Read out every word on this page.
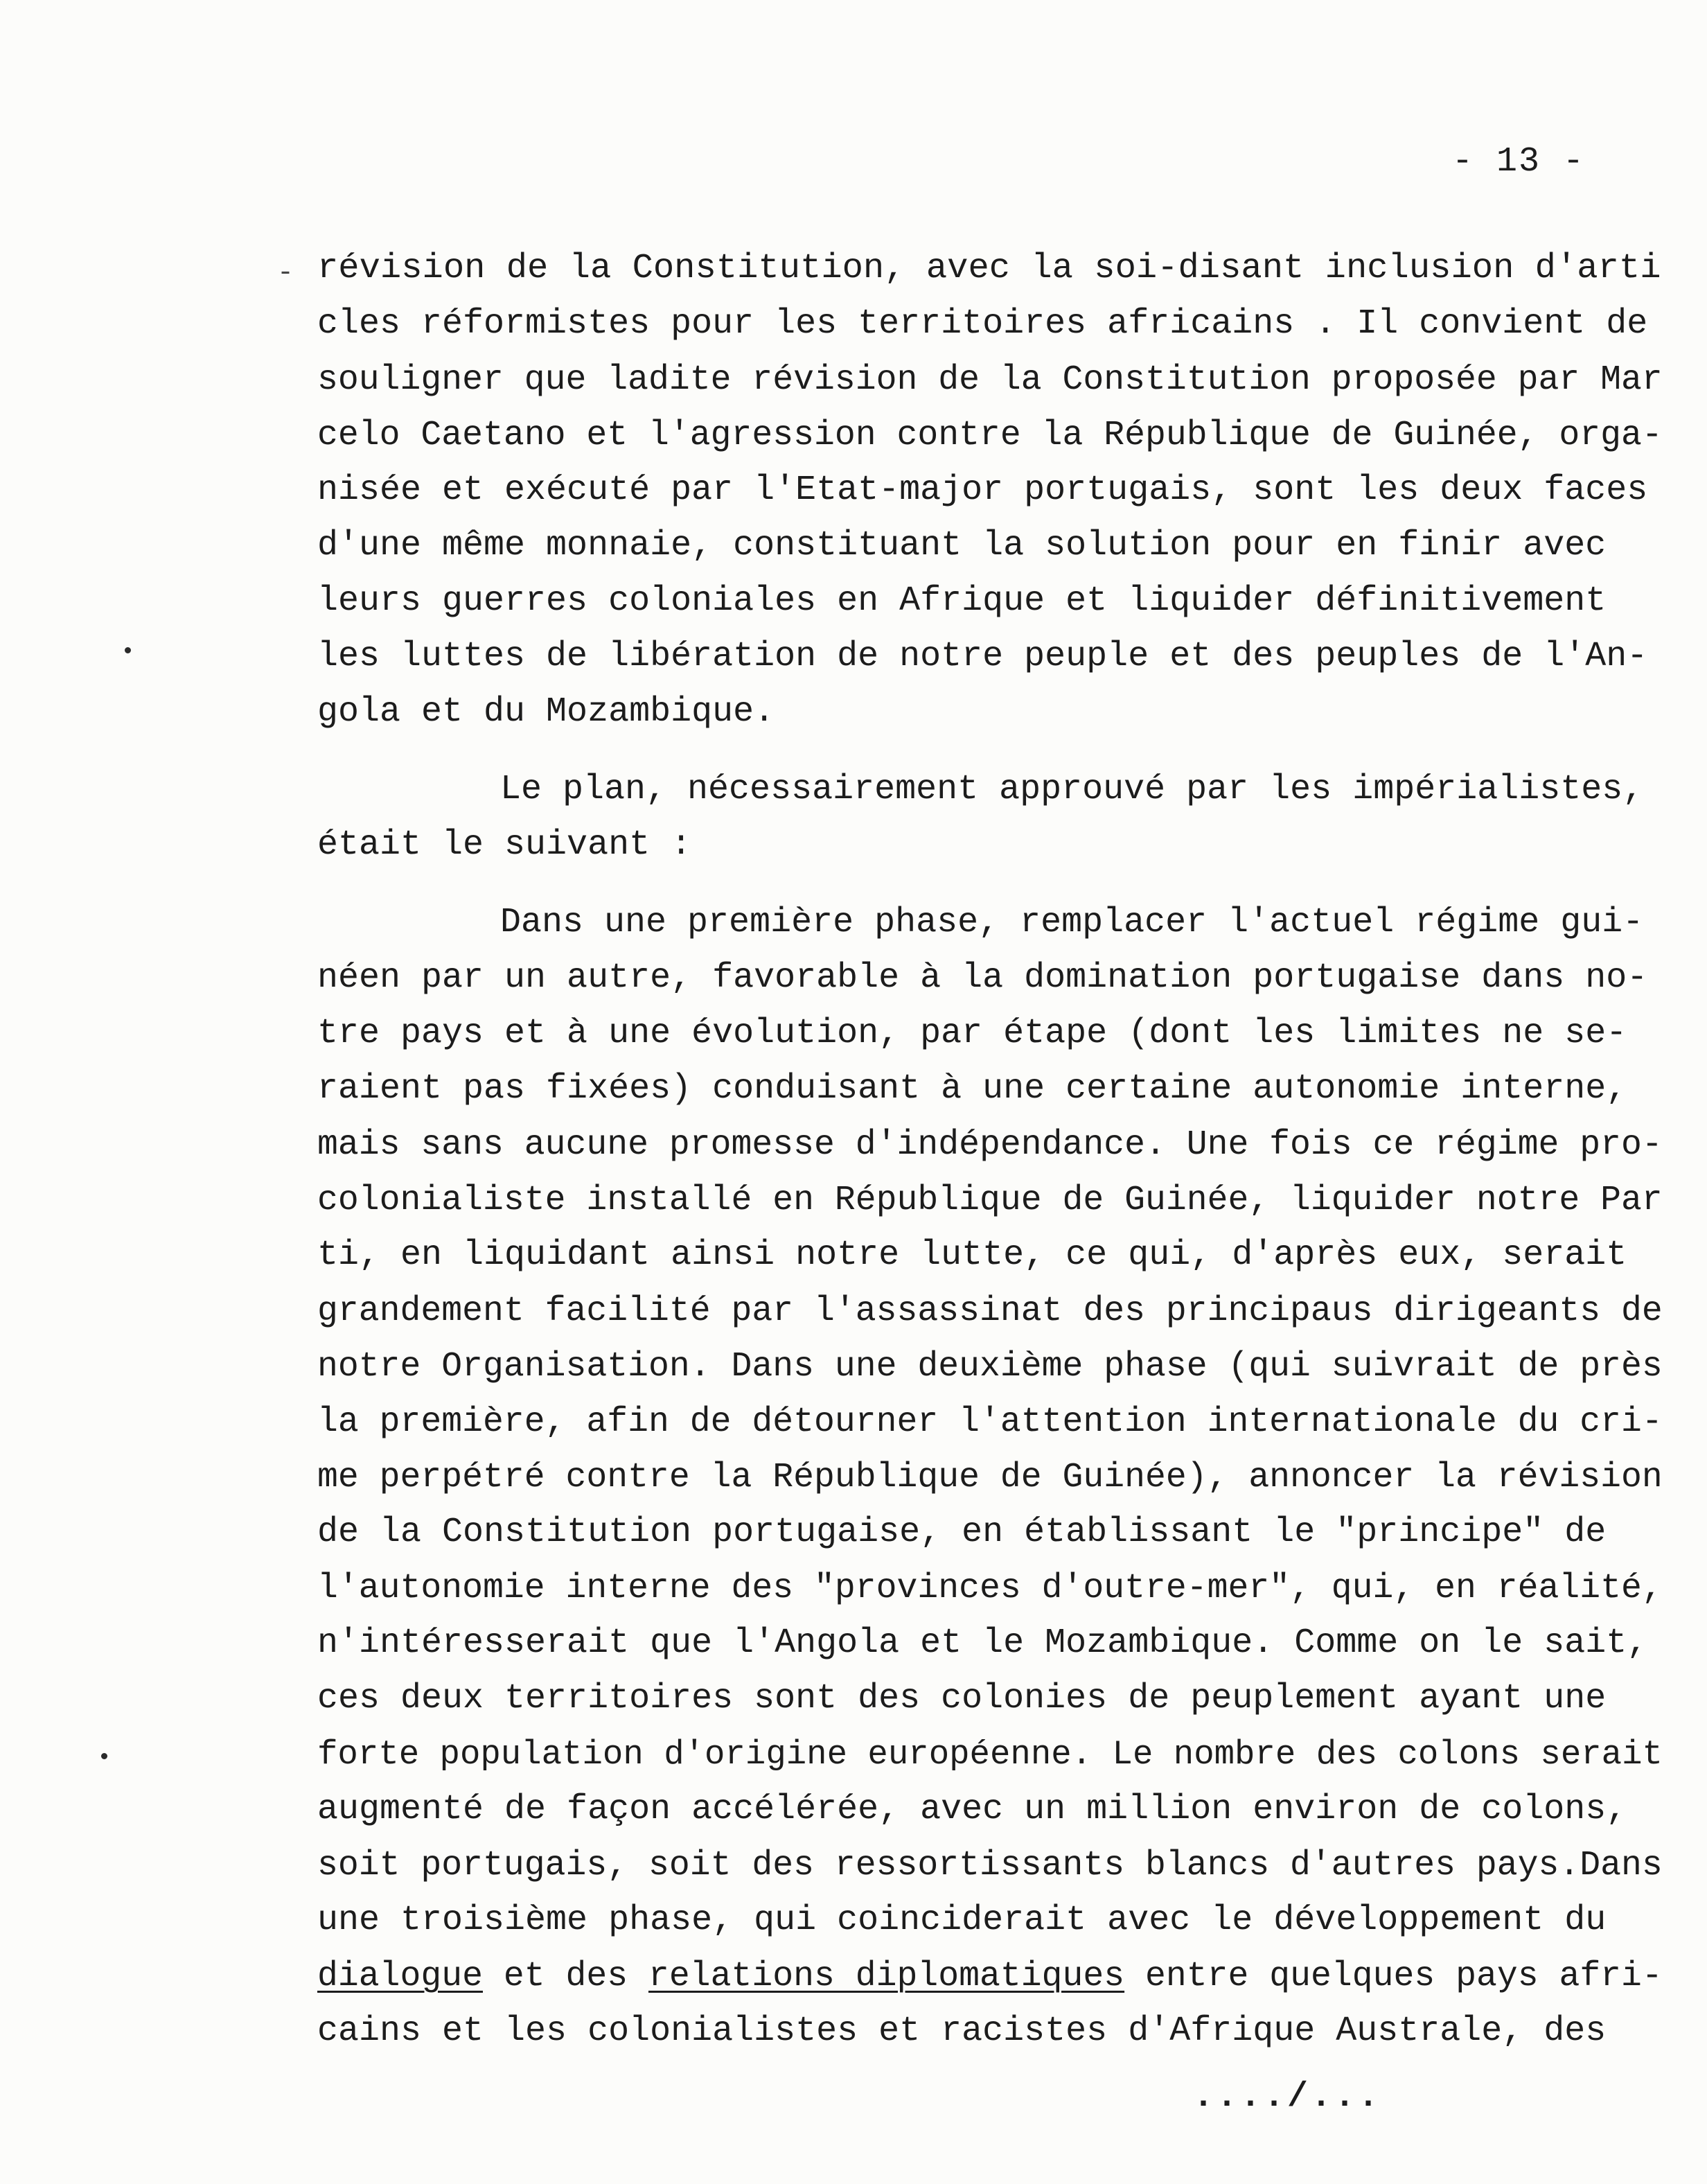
- 13 -
- révision de la Constitution, avec la soi-disant inclusion d'arti
cles réformistes pour les territoires africains . Il convient de
souligner que ladite révision de la Constitution proposée par Mar
celo Caetano et l'agression contre la République de Guinée, orga-
nisée et exécuté par l'Etat-major portugais, sont les deux faces
d'une même monnaie, constituant la solution pour en finir avec
leurs guerres coloniales en Afrique et liquider définitivement
les luttes de libération de notre peuple et des peuples de l'An-
gola et du Mozambique.
Le plan, nécessairement approuvé par les impérialistes,
était le suivant :
Dans une première phase, remplacer l'actuel régime gui-
néen par un autre, favorable à la domination portugaise dans no-
tre pays et à une évolution, par étape (dont les limites ne se-
raient pas fixées) conduisant à une certaine autonomie interne,
mais sans aucune promesse d'indépendance. Une fois ce régime pro-
colonialiste installé en République de Guinée, liquider notre Par
ti, en liquidant ainsi notre lutte, ce qui, d'après eux, serait
grandement facilité par l'assassinat des principaus dirigeants de
notre Organisation. Dans une deuxième phase (qui suivrait de près
la première, afin de détourner l'attention internationale du cri-
me perpétré contre la République de Guinée), annoncer la révision
de la Constitution portugaise, en établissant le "principe" de
l'autonomie interne des "provinces d'outre-mer", qui, en réalité,
n'intéresserait que l'Angola et le Mozambique. Comme on le sait,
ces deux territoires sont des colonies de peuplement ayant une
forte population d'origine européenne. Le nombre des colons serait
augmenté de façon accélérée, avec un million environ de colons,
soit portugais, soit des ressortissants blancs d'autres pays.Dans
une troisième phase, qui coinciderait avec le développement du
dialogue et des relations diplomatiques entre quelques pays afri-
cains et les colonialistes et racistes d'Afrique Australe, des
..../...
